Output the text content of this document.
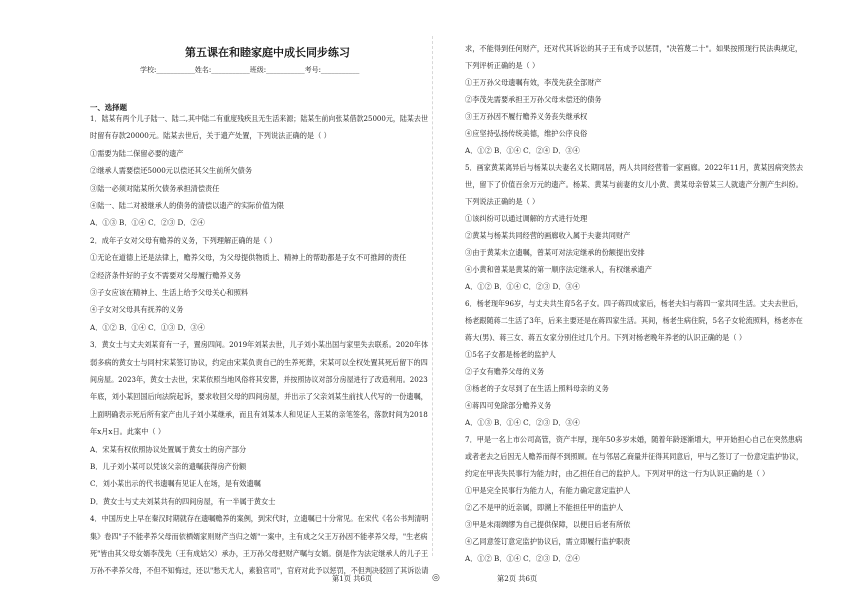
第五课在和睦家庭中成长同步练习
学校:___________姓名:___________班级:___________考号:___________
一、选择题
1．陆某有两个儿子陆一、陆二,其中陆二有重度残疾且无生活来源；陆某生前向张某借款25000元，陆某去世
时留有存款20000元。陆某去世后，关于遗产处置，下列说法正确的是（ ）
①需要为陆二保留必要的遗产
②继承人需要偿还5000元以偿还其父生前所欠债务
③陆一必须对陆某所欠债务承担清偿责任
④陆一、陆二对被继承人的债务的清偿以遗产的实际价值为限
A．①③ B．①④ C．②③ D．②④
2．成年子女对父母有赡养的义务，下列理解正确的是（ ）
①无论在道德上还是法律上，赡养父母，为父母提供物质上、精神上的帮助都是子女不可推卸的责任
②经济条件好的子女不需要对父母履行赡养义务
③子女应该在精神上、生活上给予父母关心和照料
④子女对父母具有抚养的义务
A．①② B．①④ C．①③ D．③④
3．黄女士与丈夫刘某育有一子，置房四间。2019年刘某去世，儿子刘小某出国与家里失去联系。2020年体
弱多病的黄女士与同村宋某签订协议，约定由宋某负责自己的生养死葬，宋某可以全权处置其死后留下的四
间房屋。2023年，黄女士去世，宋某依照当地风俗将其安葬，并按照协议对部分房屋进行了改造利用。2023
年底，刘小某回国后向法院起诉，要求收回父母的四间房屋，并出示了父亲刘某生前找人代写的一份遗嘱，
上面明确表示死后所有家产由儿子刘小某继承，而且有刘某本人和见证人王某的亲笔签名，落款时间为2018
年x月x日。此案中（ ）
A．宋某有权依照协议处置属于黄女士的房产部分
B．儿子刘小某可以凭该父亲的遗嘱获得房产份额
C．刘小某出示的代书遗嘱有见证人在场，是有效遗嘱
D．黄女士与丈夫刘某共有的四间房屋，有一半属于黄女士
4．中国历史上早在秦汉时期就存在遗嘱赡养的案例，到宋代时，立遗嘱已十分常见。在宋代《名公书判清明
集》卷四"子不能孝养父母而依栖婿家则财产当归之婿"一案中，主有成之父王万孙因不能孝养父母，"生老病
死"皆由其父母女婿李茂先（王有成姑父）承办，王万孙父母把财产嘱与女婿。倒是作为法定继承人的儿子王
万孙不孝养父母，不但不知悔过，还以"愁天尤人，素狼官司"，官府对此予以惩罚，不但判决驳回了其诉讼请
求，不能得到任何财产，还对代其诉讼的其子王有成予以惩罚，"决笞蔑二十"。如果按照现行民法典规定，
下列评析正确的是（ ）
①王万孙父母遗嘱有效，李茂先获全部财产
②李茂先需要承担王万孙父母未偿还的债务
③王万孙因不履行赡养义务丧失继承权
④应坚持弘扬传统美德，维护公序良俗
A．①② B．①④ C．②④ D．③④
5．画家黄某离异后与杨某以夫妻名义长期同居，两人共同经营着一家画廊。2022年11月，黄某因病突然去
世，留下了价值百余万元的遗产。杨某、黄某与前妻的女儿小黄、黄某母亲曾某三人就遗产分割产生纠纷。
下列说法正确的是（ ）
①该纠纷可以通过调解的方式进行处理
②黄某与杨某共同经营的画廊收入属于夫妻共同财产
③由于黄某未立遗嘱，曾某可对法定继承的份额提出安排
④小黄和曾某是黄某的第一顺序法定继承人，有权继承遗产
A．①② B．①④ C．②③ D．③④
6．杨老现年96岁，与丈夫共生育5名子女。四子蒋四成家后，杨老夫妇与蒋四一家共同生活。丈夫去世后，
杨老跟随蒋二生活了3年，后来主要还是在蒋四家生活。其间，杨老生病住院，5名子女轮流照料，杨老亦在
蒋大(男)、蒋三女、蒋五女家分别住过几个月。下列对杨老晚年养老的认识正确的是（ ）
①5名子女都是杨老的监护人
②子女有赡养父母的义务
③杨老的子女尽到了在生活上照料母亲的义务
④蒋四可免除部分赡养义务
A．①③ B．①④ C．②③ D．③④
7．甲是一名上市公司高管，资产丰厚，现年50多岁未婚，随着年龄逐渐增大，甲开始担心自己在突然患病
或者老去之后因无人赡养而得不到照顾。在与邻居乙商量并征得其同意后，甲与乙签订了一份意定监护协议，
约定在甲丧失民事行为能力时，由乙担任自己的监护人。下列对甲的这一行为认识正确的是（ ）
①甲是完全民事行为能力人，有能力确定意定监护人
②乙不是甲的近亲属，即溯上不能担任甲的监护人
③甲是未雨绸缪为自己提供保障，以便日后老有所依
④乙同意签订意定监护协议后，需立即履行监护职责
A．①② B．①④ C．②③ D．②④
第1页 共6页	◎	第2页 共6页
